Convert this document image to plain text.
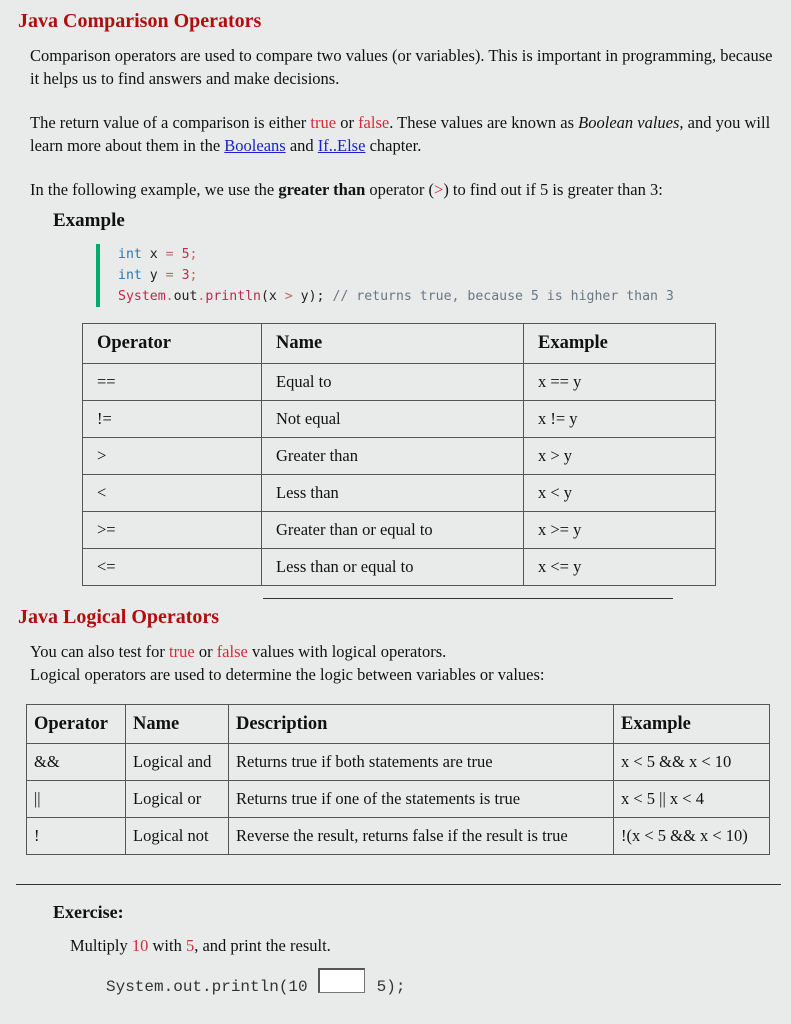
Java Comparison Operators
Comparison operators are used to compare two values (or variables). This is important in programming, because it helps us to find answers and make decisions.
The return value of a comparison is either true or false. These values are known as Boolean values, and you will learn more about them in the Booleans and If..Else chapter.
In the following example, we use the greater than operator (>) to find out if 5 is greater than 3:
Example
int x = 5;
int y = 3;
System.out.println(x > y); // returns true, because 5 is higher than 3
Operator	Name	Example
==	Equal to	x == y
!=	Not equal	x != y
>	Greater than	x > y
<	Less than	x < y
>=	Greater than or equal to	x >= y
<=	Less than or equal to	x <= y
Java Logical Operators
You can also test for true or false values with logical operators.
Logical operators are used to determine the logic between variables or values:
Operator	Name	Description	Example
&&	Logical and	Returns true if both statements are true	x < 5 && x < 10
||	Logical or	Returns true if one of the statements is true	x < 5 || x < 4
!	Logical not	Reverse the result, returns false if the result is true	!(x < 5 && x < 10)
Exercise:
Multiply 10 with 5, and print the result.
System.out.println(10	5);
